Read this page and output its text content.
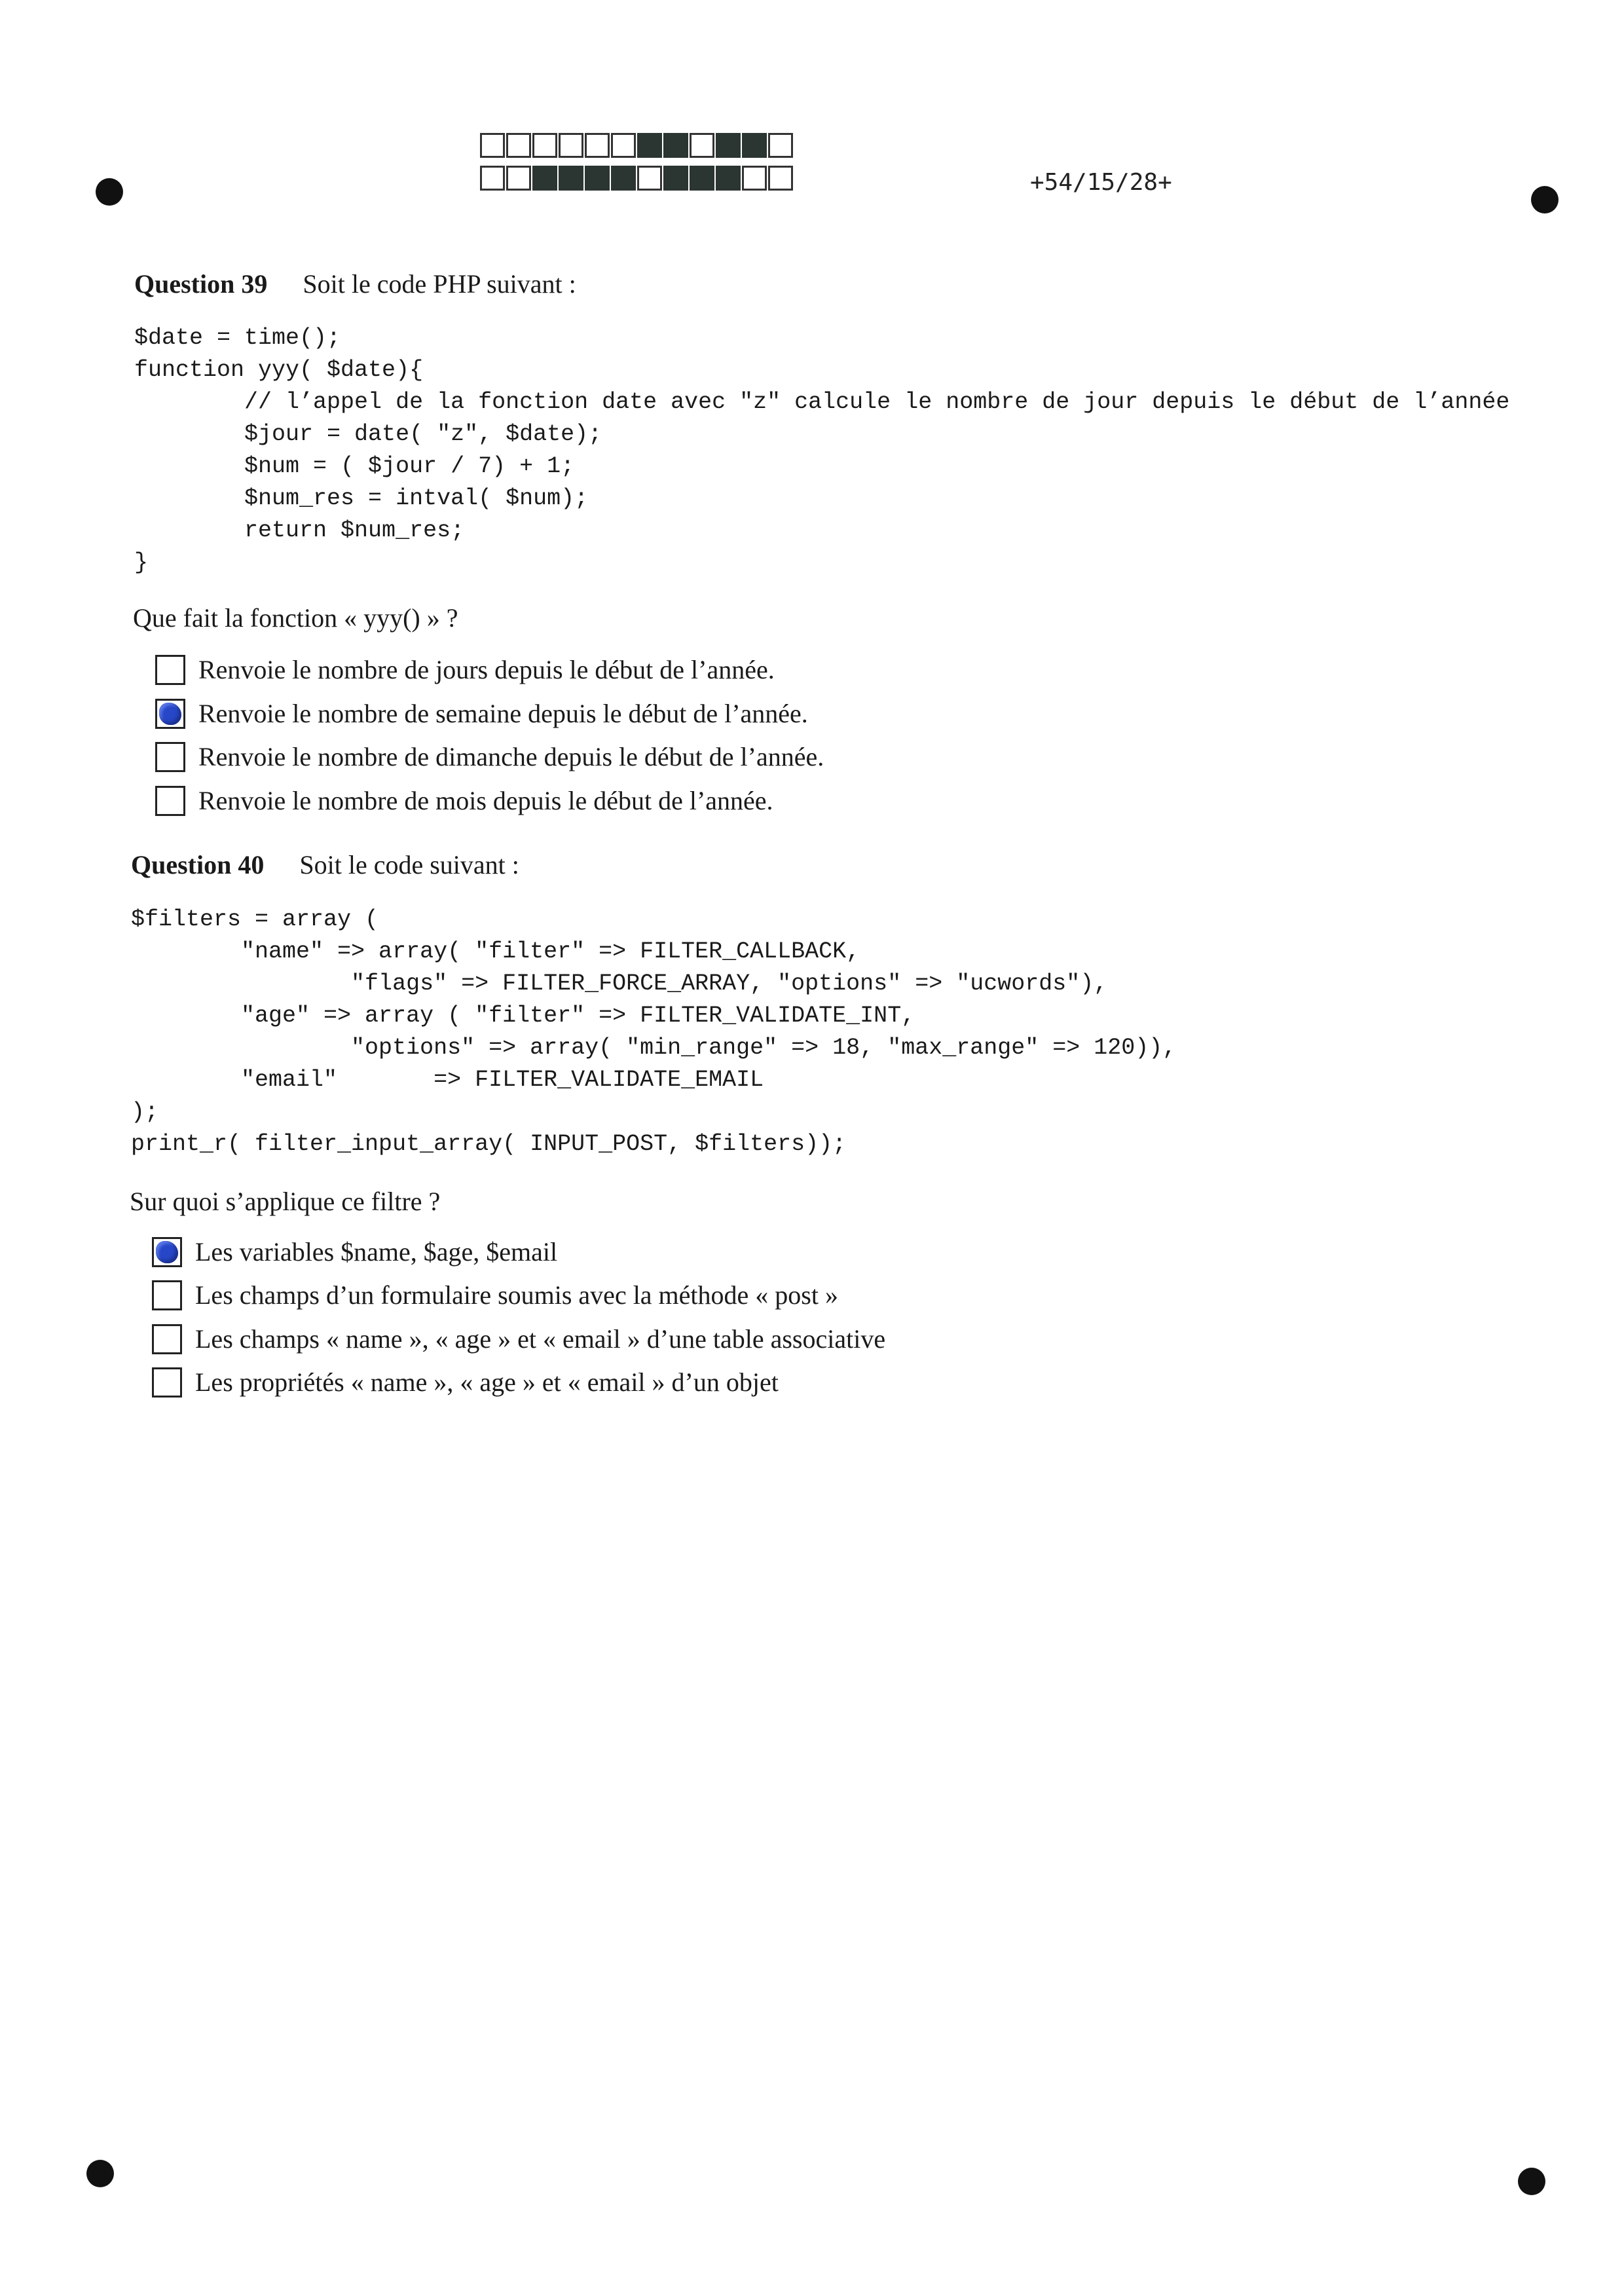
+54/15/28+
Question 39 Soit le code PHP suivant :
$date = time();
function yyy( $date){
// l’appel de la fonction date avec "z" calcule le nombre de jour depuis le début de l’année
$jour = date( "z", $date);
$num = ( $jour / 7) + 1;
$num_res = intval( $num);
return $num_res;
}
Que fait la fonction « yyy() » ?
Renvoie le nombre de jours depuis le début de l’année.
Renvoie le nombre de semaine depuis le début de l’année.
Renvoie le nombre de dimanche depuis le début de l’année.
Renvoie le nombre de mois depuis le début de l’année.
Question 40 Soit le code suivant :
$filters = array (
"name" => array( "filter" => FILTER_CALLBACK,
"flags" => FILTER_FORCE_ARRAY, "options" => "ucwords"),
"age" => array ( "filter" => FILTER_VALIDATE_INT,
"options" => array( "min_range" => 18, "max_range" => 120)),
"email"       => FILTER_VALIDATE_EMAIL
);
print_r( filter_input_array( INPUT_POST, $filters));
Sur quoi s’applique ce filtre ?
Les variables $name, $age, $email
Les champs d’un formulaire soumis avec la méthode « post »
Les champs « name », « age » et « email » d’une table associative
Les propriétés « name », « age » et « email » d’un objet
